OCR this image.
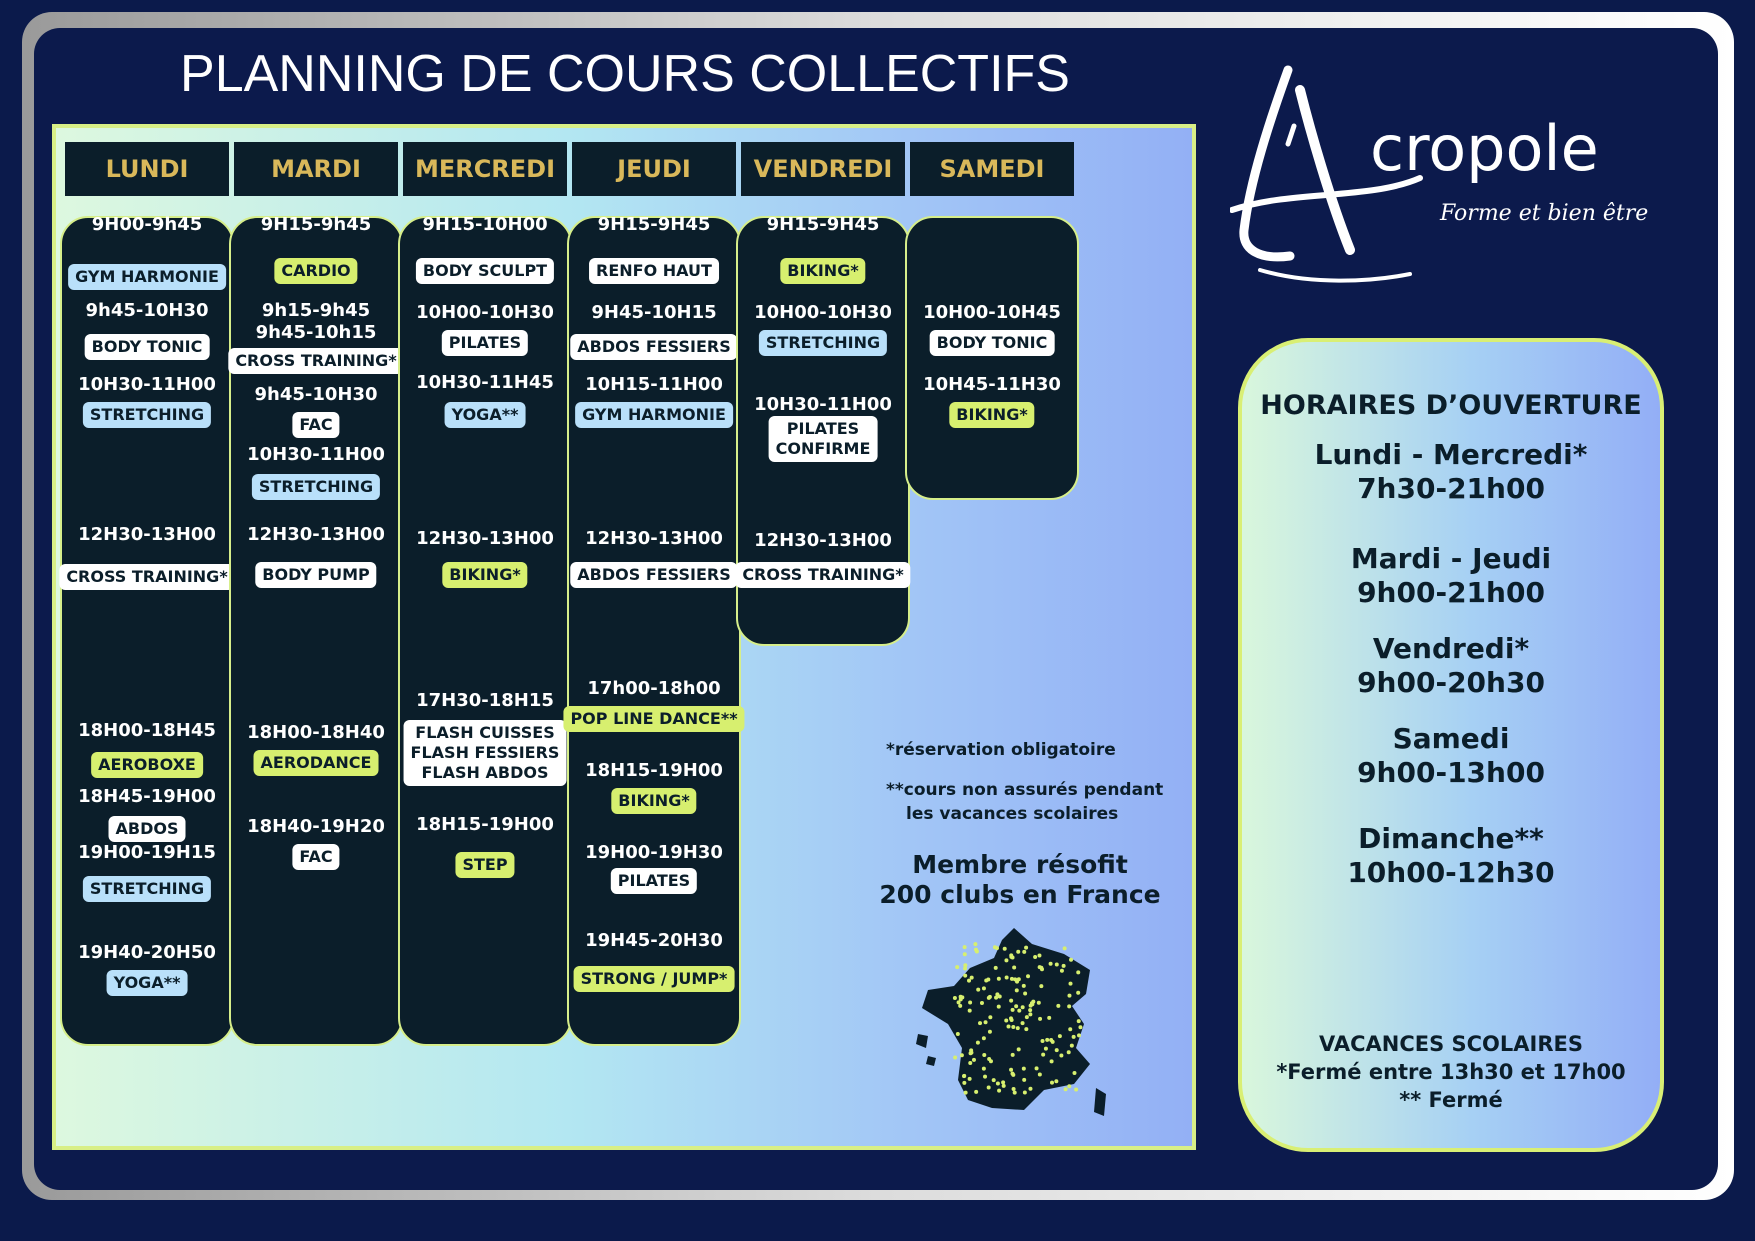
PLANNING DE COURS COLLECTIFS
LUNDI
9H00-9h45
GYM HARMONIE
9h45-10H30
BODY TONIC
10H30-11H00
STRETCHING
12H30-13H00
CROSS TRAINING*
18H00-18H45
AEROBOXE
18H45-19H00
ABDOS
19H00-19H15
STRETCHING
19H40-20H50
YOGA**
MARDI
9H15-9h45
CARDIO
9h15-9h45
9h45-10h15
CROSS TRAINING*
9h45-10H30
FAC
10H30-11H00
STRETCHING
12H30-13H00
BODY PUMP
18H00-18H40
AERODANCE
18H40-19H20
FAC
MERCREDI
9H15-10H00
BODY SCULPT
10H00-10H30
PILATES
10H30-11H45
YOGA**
12H30-13H00
BIKING*
17H30-18H15
FLASH CUISSES
FLASH FESSIERS
FLASH ABDOS
18H15-19H00
STEP
JEUDI
9H15-9H45
RENFO HAUT
9H45-10H15
ABDOS FESSIERS
10H15-11H00
GYM HARMONIE
12H30-13H00
ABDOS FESSIERS
17h00-18h00
POP LINE DANCE**
18H15-19H00
BIKING*
19H00-19H30
PILATES
19H45-20H30
STRONG / JUMP*
VENDREDI
9H15-9H45
BIKING*
10H00-10H30
STRETCHING
10H30-11H00
PILATES
CONFIRME
12H30-13H00
CROSS TRAINING*
SAMEDI
10H00-10H45
BODY TONIC
10H45-11H30
BIKING*
cropole
Forme et bien être
HORAIRES D’OUVERTURE
Lundi - Mercredi*
7h30-21h00
Mardi - Jeudi
9h00-21h00
Vendredi*
9h00-20h30
Samedi
9h00-13h00
Dimanche**
10h00-12h30
VACANCES SCOLAIRES
*Fermé entre 13h30 et 17h00
** Fermé
*réservation obligatoire
**cours non assurés pendant
les vacances scolaires
Membre résofit
200 clubs en France
